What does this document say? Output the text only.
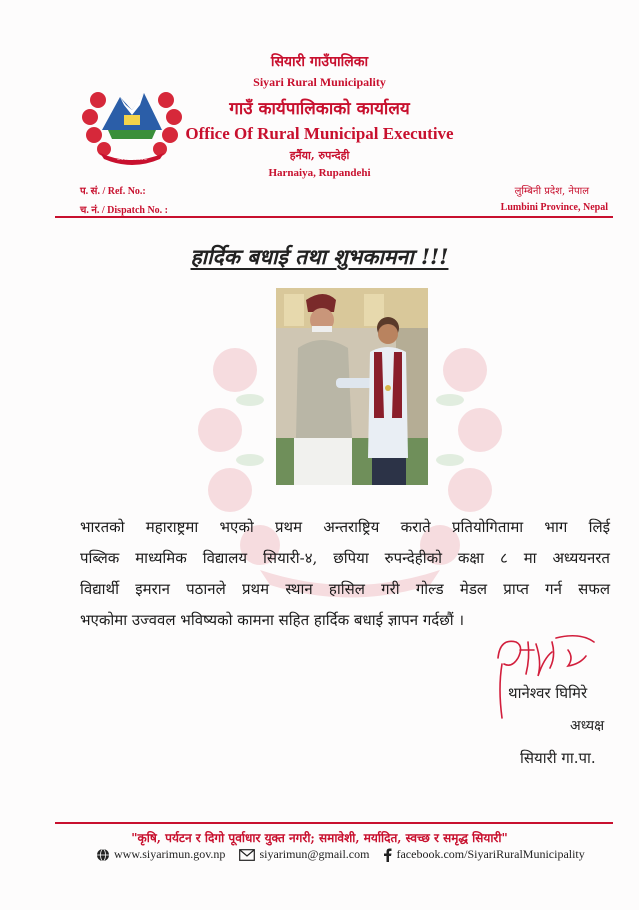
~~~~~~~~~
सियारी गाउँपालिका
Siyari Rural Municipality
गाउँ कार्यपालिकाको कार्यालय
Office Of Rural Municipal Executive
हर्नैया, रुपन्देही
Harnaiya, Rupandehi
प. सं. / Ref. No.:
च. नं. / Dispatch No. :
लुम्बिनी प्रदेश, नेपाल
Lumbini Province, Nepal
हार्दिक बधाई तथा शुभकामना !!!
भारतको महाराष्ट्रमा भएको प्रथम अन्तराष्ट्रिय कराते प्रतियोगितामा भाग लिई
पब्लिक माध्यमिक विद्यालय सियारी-४, छपिया रुपन्देहीको कक्षा ८ मा अध्ययनरत
विद्यार्थी इमरान पठानले प्रथम स्थान हासिल गरी गोल्ड मेडल प्राप्त गर्न सफल
भएकोमा उज्ववल भविष्यको कामना सहित हार्दिक बधाई ज्ञापन गर्दछौं ।
थानेश्वर घिमिरे
अध्यक्ष
सियारी गा.पा.
"कृषि, पर्यटन र दिगो पूर्वाधार युक्त नगरी; समावेशी, मर्यादित, स्वच्छ र समृद्ध सियारी"
www.siyarimun.gov.np	siyarimun@gmail.com facebook.com/SiyariRuralMunicipality
